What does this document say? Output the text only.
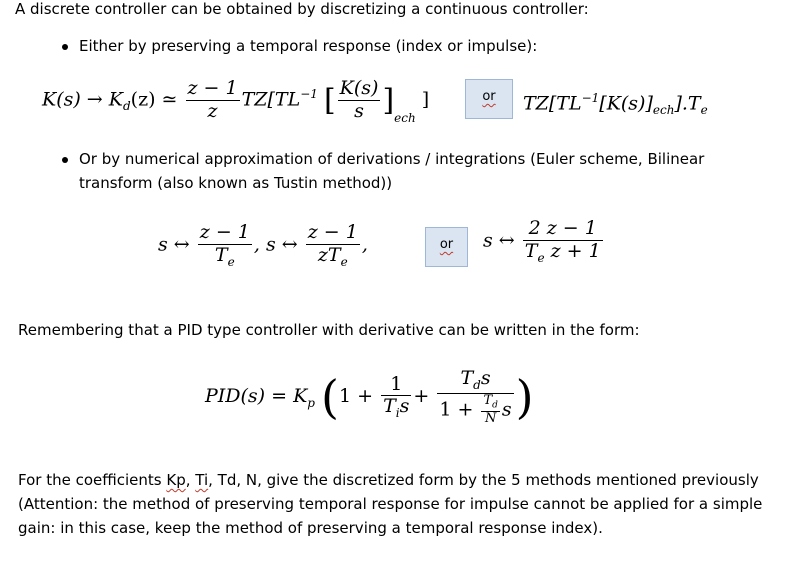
A discrete controller can be obtained by discretizing a continuous controller:
Either by preserving a temporal response (index or impulse):
$K(s) \to K_d(z)$ ≃ $\frac{z - 1}{z} TZ[TL^{-1}$ [ $\frac{K(s)}{s} ]_{ech}$ ]	or	$TZ[TL^{-1}[K(s)]_{ech}].T_e$
Or by numerical approximation of derivations / integrations (Euler scheme, Bilinear
transform (also known as Tustin method))
s ↔ $\frac{z - 1}{T_e}$ , s ↔ $\frac{z - 1}{zT_e}$ ,	or	s ↔ $\frac{2 z - 1}{T_e z + 1}$
Remembering that a PID type controller with derivative can be written in the form:
$PID(s) = K_p$ ($1 + \frac{1}{T_is} + \frac{T_ds}{1 + \frac{T_d}{N} s}$ )
For the coefficients Kp, Ti, Td, N, give the discretized form by the 5 methods mentioned previously
(Attention: the method of preserving temporal response for impulse cannot be applied for a simple
gain: in this case, keep the method of preserving a temporal response index).
